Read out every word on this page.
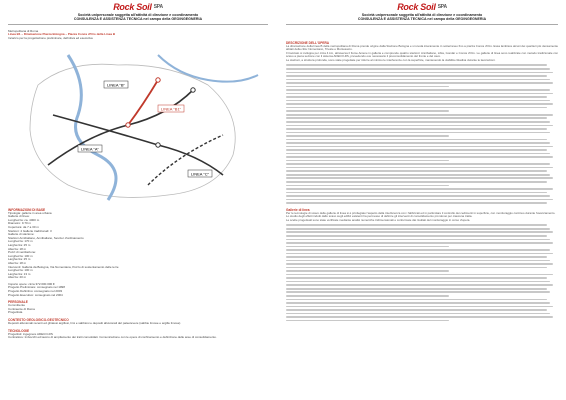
Rock Soil $^{SPA}$
Società unipersonale soggetta all'attività di direzione e coordinamento
CONSULENZA E ASSISTENZA TECNICA nel campo della GEOINGEGNERIA
Metropolitana di Roma
Linea B1 – Diramazione Piazza Bologna – Piazza Conca d'Oro della Linea B
Incarico per la progettazione preliminare, definitiva ed esecutiva
LINEA "B"
LINEA "B1"
LINEA "A"
LINEA "C"
INFORMAZIONI DI BASE
Tipologia: gallerie in area urbana
Gallerie di linea:
Lunghezza: ca. 4000 m
Diametro: 9.70 m
Copertura: da 7 a 30 m
Stazioni: 4 Gallerie tradizionali: 3
Gallerie di stazione:
Stazioni Annibaliano, Annibaliano, Sevizer d'ordinamento
Lunghezza: 170 m
Larghezza: 25 m
Altezza: 18 m
Pozzi di ventilazione:
Lunghezza: 100 m
Larghezza: 25 m
Altezza: 18 m
Interventi: Galleria da Bologna, Via Nomentana, Pozzo di sostentamento delle terre
Lunghezza: 100 m
Larghezza: 13 m
Altezza: 20 m
Importo opere: circa 372.000.000 €
Progetto Preliminare: consegnato nel 1998
Progetto Definitivo: consegnato nel 2003
Progetto Esecutivo: consegnato nel 2004
PERSONALE
Committente
Contraente di Roma
Progettista
CONTESTO GEOLOGICO-GEOTECNICO
Depositi alluvionali recenti ed ghiaiosi argillosi, limi e sabbiosi e depositi alluvionali del paleotevere (sabbie limose e argille limose)
TECNOLOGIE
Progettisti: ingegnere ADECO-RS
Contrattore: Imbocchi ed lavoro di ampliamento dei tratti consolidati. Comunicazione con le opere di confinamento e definizione delle aree di consolidamento.
Rock Soil $^{SPA}$
Società unipersonale soggetta all'attività di direzione e coordinamento
CONSULENZA E ASSISTENZA TECNICA nel campo della GEOINGEGNERIA
DESCRIZIONE DELL'OPERA
La diramazione della linea B della metropolitana di Roma prende origine dalla Stazione Bologna e si snoda interamente in sotterraneo fino a piazza Conca d'Oro. Essa lambisce alcuni dei quartieri più densamente abitati della città: Nomentano, Trieste e Montesacro.
Il tracciato si sviluppa per circa 4 km, attraversa il fiume Aniene in galleria e comprende quattro stazioni: Annibaliano, Libia, Gondar e Conca d'Oro. Le gallerie di linea sono realizzate con metodo tradizionale con scavo a piena sezione con il sistema ADECO-RS, prevedendo ove necessario il preconsolidamento del fronte e del cavo.
Le stazioni, a struttura profonda, sono state progettate per ridurre al minimo le interferenze con la superficie, mantenendo la viabilità cittadina durante le lavorazioni.
Gallerie di linea
Per le tecnologie di scavo delle gallerie di linea si è privilegiato l'aspetto della interferenza con i fabbricati ed in particolare il controllo dei cedimenti in superficie, con monitoraggio continuo durante l'avanzamento.
Lo studio degli effetti indotti dallo scavo sugli edifici esistenti ha permesso di definire gli interventi di consolidamento più idonei per ciascuna tratta.
Le scelte progettuali sono state verificate mediante analisi numeriche tridimensionali e confermate dai risultati del monitoraggio in corso d'opera.
